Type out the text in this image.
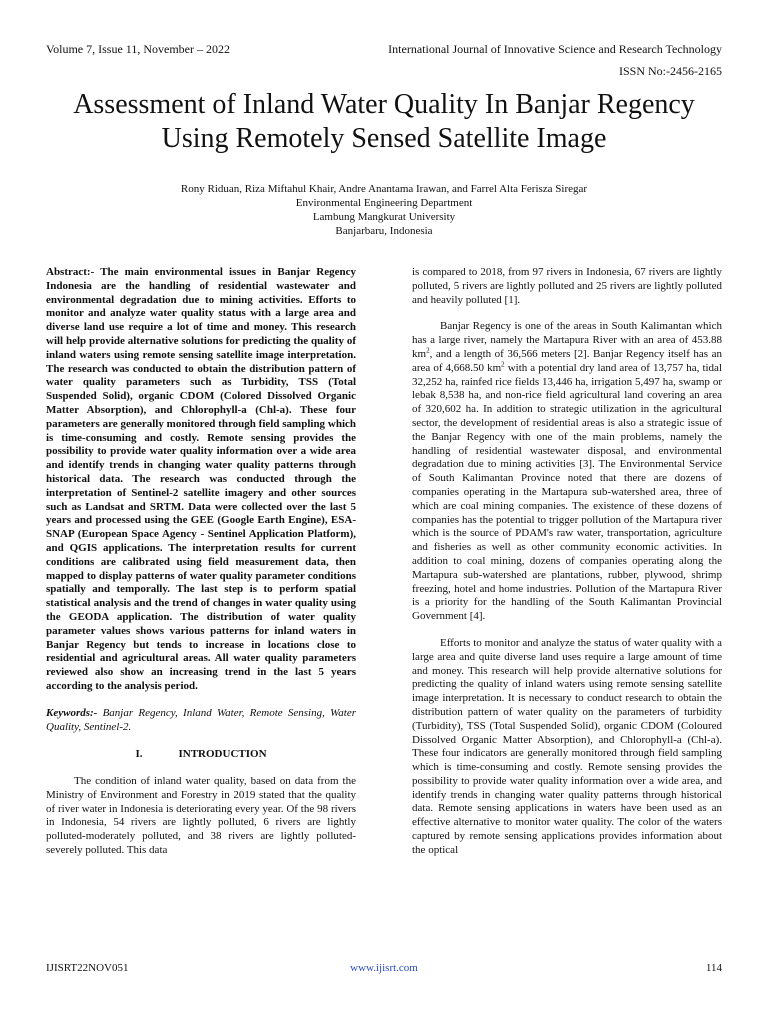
Volume 7, Issue 11, November – 2022	International Journal of Innovative Science and Research Technology
ISSN No:-2456-2165
Assessment of Inland Water Quality In Banjar Regency Using Remotely Sensed Satellite Image
Rony Riduan, Riza Miftahul Khair, Andre Anantama Irawan, and Farrel Alta Ferisza Siregar
Environmental Engineering Department
Lambung Mangkurat University
Banjarbaru, Indonesia

Abstract:- The main environmental issues in Banjar Regency Indonesia are the handling of residential wastewater and environmental degradation due to mining activities. Efforts to monitor and analyze water quality status with a large area and diverse land use require a lot of time and money. This research will help provide alternative solutions for predicting the quality of inland waters using remote sensing satellite image interpretation. The research was conducted to obtain the distribution pattern of water quality parameters such as Turbidity, TSS (Total Suspended Solid), organic CDOM (Colored Dissolved Organic Matter Absorption), and Chlorophyll-a (Chl-a). These four parameters are generally monitored through field sampling which is time-consuming and costly. Remote sensing provides the possibility to provide water quality information over a wide area and identify trends in changing water quality patterns through historical data. The research was conducted through the interpretation of Sentinel-2 satellite imagery and other sources such as Landsat and SRTM. Data were collected over the last 5 years and processed using the GEE (Google Earth Engine), ESA-SNAP (European Space Agency - Sentinel Application Platform), and QGIS applications. The interpretation results for current conditions are calibrated using field measurement data, then mapped to display patterns of water quality parameter conditions spatially and temporally. The last step is to perform spatial statistical analysis and the trend of changes in water quality using the GEODA application. The distribution of water quality parameter values shows various patterns for inland waters in Banjar Regency but tends to increase in locations close to residential and agricultural areas. All water quality parameters reviewed also show an increasing trend in the last 5 years according to the analysis period.

Keywords:- Banjar Regency, Inland Water, Remote Sensing, Water Quality, Sentinel-2.

I.	INTRODUCTION

The condition of inland water quality, based on data from the Ministry of Environment and Forestry in 2019 stated that the quality of river water in Indonesia is deteriorating every year. Of the 98 rivers in Indonesia, 54 rivers are lightly polluted, 6 rivers are lightly polluted-moderately polluted, and 38 rivers are lightly polluted-severely polluted. This data

is compared to 2018, from 97 rivers in Indonesia, 67 rivers are lightly polluted, 5 rivers are lightly polluted and 25 rivers are lightly polluted and heavily polluted [1].

Banjar Regency is one of the areas in South Kalimantan which has a large river, namely the Martapura River with an area of 453.88 $km^2$, and a length of 36,566 meters [2]. Banjar Regency itself has an area of 4,668.50 $km^2$ with a potential dry land area of 13,757 ha, tidal 32,252 ha, rainfed rice fields 13,446 ha, irrigation 5,497 ha, swamp or lebak 8,538 ha, and non-rice field agricultural land covering an area of 320,602 ha. In addition to strategic utilization in the agricultural sector, the development of residential areas is also a strategic issue of the Banjar Regency with one of the main problems, namely the handling of residential wastewater disposal, and environmental degradation due to mining activities [3]. The Environmental Service of South Kalimantan Province noted that there are dozens of companies operating in the Martapura sub-watershed area, three of which are coal mining companies. The existence of these dozens of companies has the potential to trigger pollution of the Martapura river which is the source of PDAM's raw water, transportation, agriculture and fisheries as well as other community economic activities. In addition to coal mining, dozens of companies operating along the Martapura sub-watershed are plantations, rubber, plywood, shrimp freezing, hotel and home industries. Pollution of the Martapura River is a priority for the handling of the South Kalimantan Provincial Government [4].

Efforts to monitor and analyze the status of water quality with a large area and quite diverse land uses require a large amount of time and money. This research will help provide alternative solutions for predicting the quality of inland waters using remote sensing satellite image interpretation. It is necessary to conduct research to obtain the distribution pattern of water quality on the parameters of turbidity (Turbidity), TSS (Total Suspended Solid), organic CDOM (Coloured Dissolved Organic Matter Absorption), and Chlorophyll-a (Chl-a). These four indicators are generally monitored through field sampling which is time-consuming and costly. Remote sensing provides the possibility to provide water quality information over a wide area, and identify trends in changing water quality patterns through historical data. Remote sensing applications in waters have been used as an effective alternative to monitor water quality. The color of the waters captured by remote sensing applications provides information about the optical

IJISRT22NOV051	www.ijisrt.com	114
